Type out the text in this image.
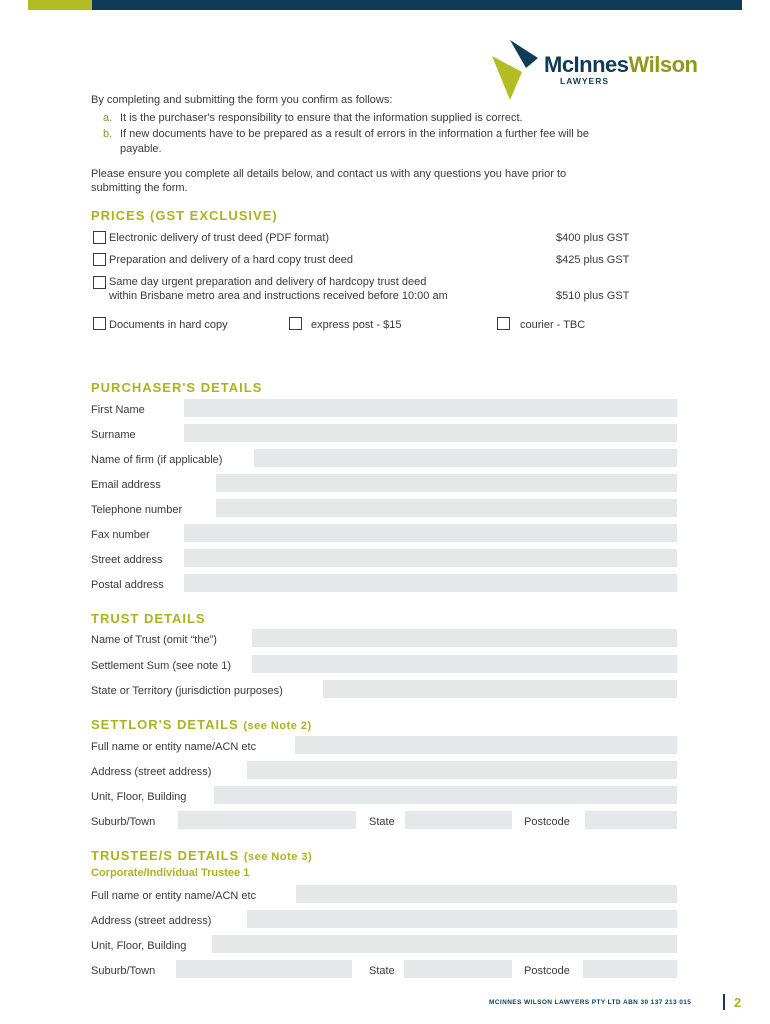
McInnesWilson
LAWYERS
By completing and submitting the form you confirm as follows:
a. It is the purchaser's responsibility to ensure that the information supplied is correct.
b. If new documents have to be prepared as a result of errors in the information a further fee will be
payable.
Please ensure you complete all details below, and contact us with any questions you have prior to
submitting the form.
PRICES (GST EXCLUSIVE)
Electronic delivery of trust deed (PDF format)	$400 plus GST
Preparation and delivery of a hard copy trust deed	$425 plus GST
Same day urgent preparation and delivery of hardcopy trust deed
within Brisbane metro area and instructions received before 10:00 am	$510 plus GST
Documents in hard copy	express post - $15	courier - TBC
PURCHASER'S DETAILS
First Name
Surname
Name of firm (if applicable)
Email address
Telephone number
Fax number
Street address
Postal address
TRUST DETAILS
Name of Trust (omit “the”)
Settlement Sum (see note 1)
State or Territory (jurisdiction purposes)
SETTLOR'S DETAILS (see Note 2)
Full name or entity name/ACN etc
Address (street address)
Unit, Floor, Building
Suburb/Town	State	Postcode
TRUSTEE/S DETAILS (see Note 3)
Corporate/Individual Trustee 1
Full name or entity name/ACN etc
Address (street address)
Unit, Floor, Building
Suburb/Town	State	Postcode
MCINNES WILSON LAWYERS PTY LTD ABN 30 137 213 015	2
